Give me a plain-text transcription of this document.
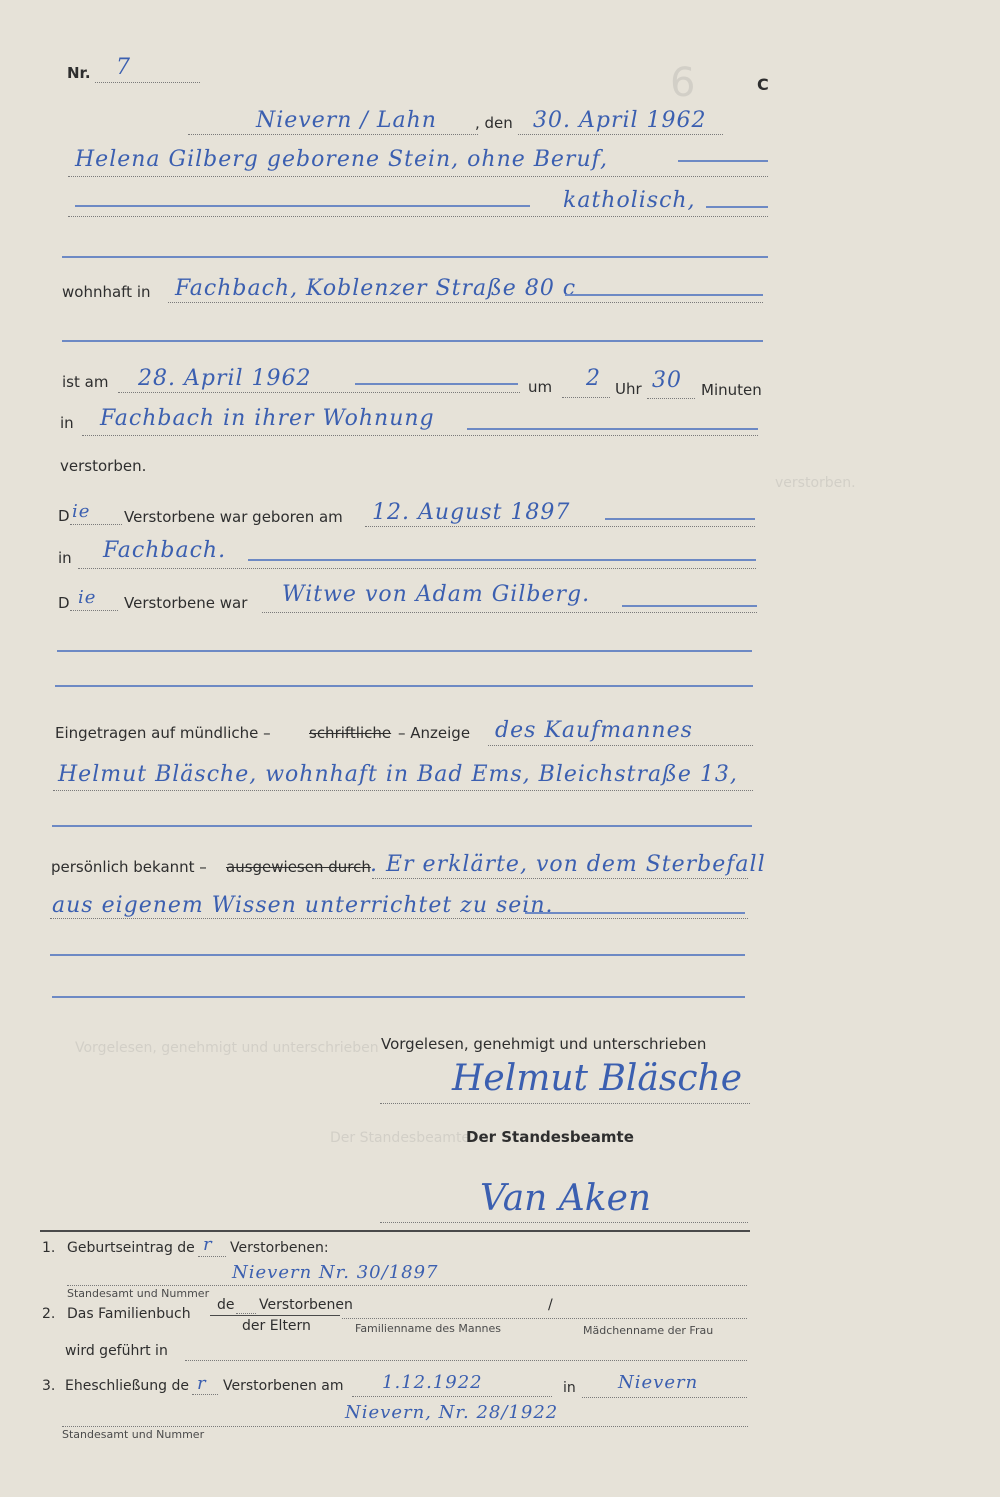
6
verstorben.
Vorgelesen, genehmigt und unterschrieben
Der Standesbeamte
Nr. 7
C
Nievern / Lahn	, den 30. April 1962
Helena Gilberg geborene Stein, ohne Beruf,
katholisch,
wohnhaft in Fachbach, Koblenzer Straße 80 c
ist am 28. April 1962	um 2 Uhr 30 Minuten
in Fachbach in ihrer Wohnung
verstorben.
D ie Verstorbene war geboren am 12. August 1897
in Fachbach.
D ie Verstorbene war Witwe von Adam Gilberg.
Eingetragen auf mündliche –	schriftliche – Anzeige des Kaufmannes
Helmut Bläsche, wohnhaft in Bad Ems, Bleichstraße 13,
persönlich bekannt – ausgewiesen durch . Er erklärte, von dem Sterbefall
aus eigenem Wissen unterrichtet zu sein.
Vorgelesen, genehmigt und unterschrieben
Helmut Bläsche
Der Standesbeamte
Van Aken
1. Geburtseintrag de r Verstorbenen:
Nievern Nr. 30/1897
Standesamt und Nummer
2. Das Familienbuch
de Verstorbenen
der Eltern
/
Familienname des Mannes	Mädchenname der Frau
wird geführt in
3. Eheschließung de r Verstorbenen am 1.12.1922	in Nievern
Nievern, Nr. 28/1922
Standesamt und Nummer
